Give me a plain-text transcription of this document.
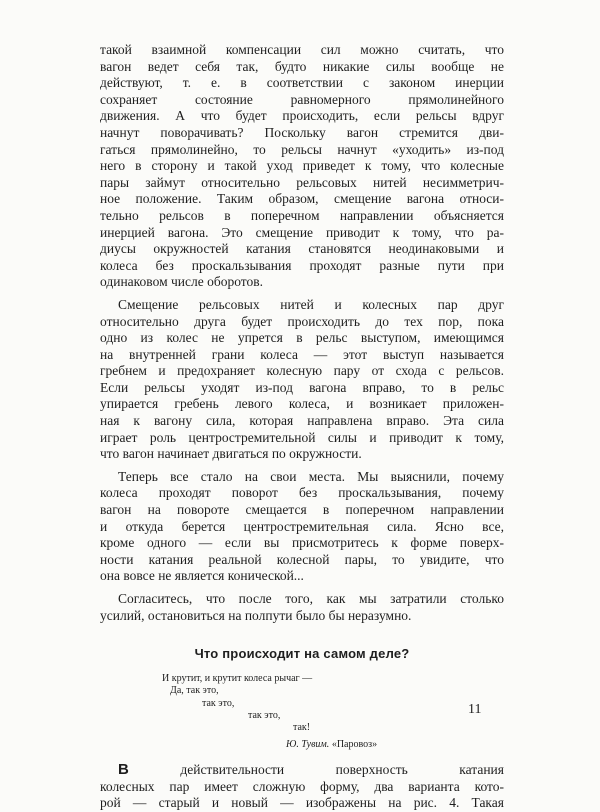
такой взаимной компенсации сил можно считать, что
вагон ведет себя так, будто никакие силы вообще не
действуют, т. е. в соответствии с законом инерции
сохраняет состояние равномерного прямолинейного
движения. А что будет происходить, если рельсы вдруг
начнут поворачивать? Поскольку вагон стремится дви-
гаться прямолинейно, то рельсы начнут «уходить» из-под
него в сторону и такой уход приведет к тому, что колесные
пары займут относительно рельсовых нитей несимметрич-
ное положение. Таким образом, смещение вагона относи-
тельно рельсов в поперечном направлении объясняется
инерцией вагона. Это смещение приводит к тому, что ра-
диусы окружностей катания становятся неодинаковыми и
колеса без проскальзывания проходят разные пути при
одинаковом числе оборотов.
Смещение рельсовых нитей и колесных пар друг
относительно друга будет происходить до тех пор, пока
одно из колес не упрется в рельс выступом, имеющимся
на внутренней грани колеса — этот выступ называется
гребнем и предохраняет колесную пару от схода с рельсов.
Если рельсы уходят из-под вагона вправо, то в рельс
упирается гребень левого колеса, и возникает приложен-
ная к вагону сила, которая направлена вправо. Эта сила
играет роль центростремительной силы и приводит к тому,
что вагон начинает двигаться по окружности.
Теперь все стало на свои места. Мы выяснили, почему
колеса проходят поворот без проскальзывания, почему
вагон на повороте смещается в поперечном направлении
и откуда берется центростремительная сила. Ясно все,
кроме одного — если вы присмотритесь к форме поверх-
ности катания реальной колесной пары, то увидите, что
она вовсе не является конической...
Согласитесь, что после того, как мы затратили столько
усилий, остановиться на полпути было бы неразумно.
Что происходит на самом деле?
И крутит, и крутит колеса рычаг —
Да, так это,
так это,
так это,
так!
Ю. Тувим. «Паровоз»
В действительности поверхность катания
колесных пар имеет сложную форму, два варианта кото-
рой — старый и новый — изображены на рис. 4. Такая
11
